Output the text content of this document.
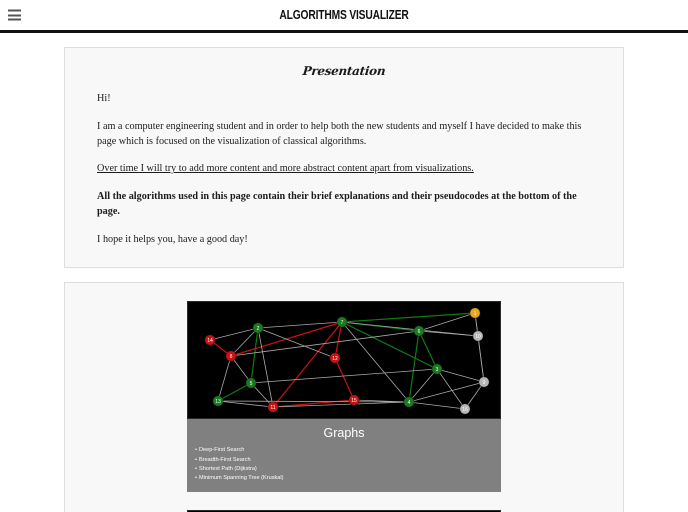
ALGORITHMS VISUALIZER
Presentation

Hi!

I am a computer engineering student and in order to help both the new students and myself I have decided to make this page which is focused on the visualization of classical algorithms.

Over time I will try to add more content and more abstract content apart from visualizations.

All the algorithms used in this page contain their brief explanations and their pseudocodes at the bottom of the page.

I hope it helps you, have a good day!

14
2
8
5
13
11
7
12
15
6
1
10
3
9
4
16
Graphs
• Deep-First Search
• Breadth-First Search
• Shortest Path (Dijkstra)
• Minimum Spanning Tree (Kruskal)
